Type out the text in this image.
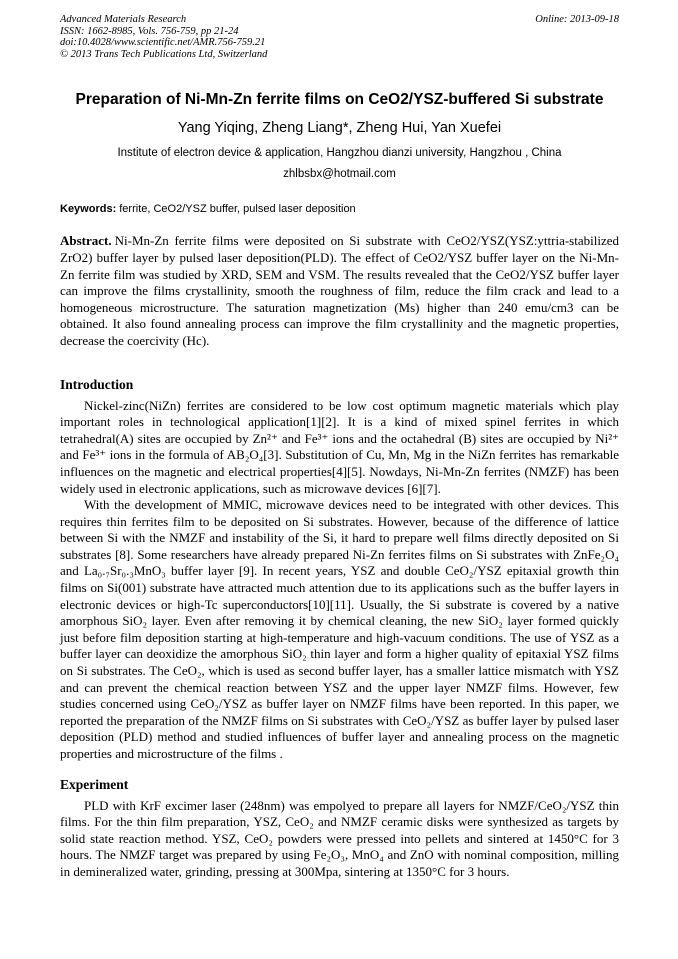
Advanced Materials Research
ISSN: 1662-8985, Vols. 756-759, pp 21-24
doi:10.4028/www.scientific.net/AMR.756-759.21
© 2013 Trans Tech Publications Ltd, Switzerland
Online: 2013-09-18
Preparation of Ni-Mn-Zn ferrite films on CeO2/YSZ-buffered Si substrate
Yang Yiqing, Zheng Liang*, Zheng Hui, Yan Xuefei
Institute of electron device & application, Hangzhou dianzi university, Hangzhou , China
zhlbsbx@hotmail.com

Keywords: ferrite, CeO2/YSZ buffer, pulsed laser deposition

Abstract. Ni-Mn-Zn ferrite films were deposited on Si substrate with CeO2/YSZ(YSZ:yttria-stabilized ZrO2) buffer layer by pulsed laser deposition(PLD). The effect of CeO2/YSZ buffer layer on the Ni-Mn-Zn ferrite film was studied by XRD, SEM and VSM. The results revealed that the CeO2/YSZ buffer layer can improve the films crystallinity, smooth the roughness of film, reduce the film crack and lead to a homogeneous microstructure. The saturation magnetization (Ms) higher than 240 emu/cm3 can be obtained. It also found annealing process can improve the film crystallinity and the magnetic properties, decrease the coercivity (Hc).

Introduction

Nickel-zinc(NiZn) ferrites are considered to be low cost optimum magnetic materials which play important roles in technological application[1][2]. It is a kind of mixed spinel ferrites in which tetrahedral(A) sites are occupied by Zn²⁺ and Fe³⁺ ions and the octahedral (B) sites are occupied by Ni²⁺ and Fe³⁺ ions in the formula of AB₂O₄[3]. Substitution of Cu, Mn, Mg in the NiZn ferrites has remarkable influences on the magnetic and electrical properties[4][5]. Nowdays, Ni-Mn-Zn ferrites (NMZF) has been widely used in electronic applications, such as microwave devices [6][7].

With the development of MMIC, microwave devices need to be integrated with other devices. This requires thin ferrites film to be deposited on Si substrates. However, because of the difference of lattice between Si with the NMZF and instability of the Si, it hard to prepare well films directly deposited on Si substrates [8]. Some researchers have already prepared Ni-Zn ferrites films on Si substrates with ZnFe₂O₄ and La₀.₇Sr₀.₃MnO₃ buffer layer [9]. In recent years, YSZ and double CeO₂/YSZ epitaxial growth thin films on Si(001) substrate have attracted much attention due to its applications such as the buffer layers in electronic devices or high-Tc superconductors[10][11]. Usually, the Si substrate is covered by a native amorphous SiO₂ layer. Even after removing it by chemical cleaning, the new SiO₂ layer formed quickly just before film deposition starting at high-temperature and high-vacuum conditions. The use of YSZ as a buffer layer can deoxidize the amorphous SiO₂ thin layer and form a higher quality of epitaxial YSZ films on Si substrates. The CeO₂, which is used as second buffer layer, has a smaller lattice mismatch with YSZ and can prevent the chemical reaction between YSZ and the upper layer NMZF films. However, few studies concerned using CeO₂/YSZ as buffer layer on NMZF films have been reported. In this paper, we reported the preparation of the NMZF films on Si substrates with CeO₂/YSZ as buffer layer by pulsed laser deposition (PLD) method and studied influences of buffer layer and annealing process on the magnetic properties and microstructure of the films .

Experiment

PLD with KrF excimer laser (248nm) was empolyed to prepare all layers for NMZF/CeO₂/YSZ thin films. For the thin film preparation, YSZ, CeO₂ and NMZF ceramic disks were synthesized as targets by solid state reaction method. YSZ, CeO₂ powders were pressed into pellets and sintered at 1450°C for 3 hours. The NMZF target was prepared by using Fe₂O₃, MnO₄ and ZnO with nominal composition, milling in demineralized water, grinding, pressing at 300Mpa, sintering at 1350°C for 3 hours.
